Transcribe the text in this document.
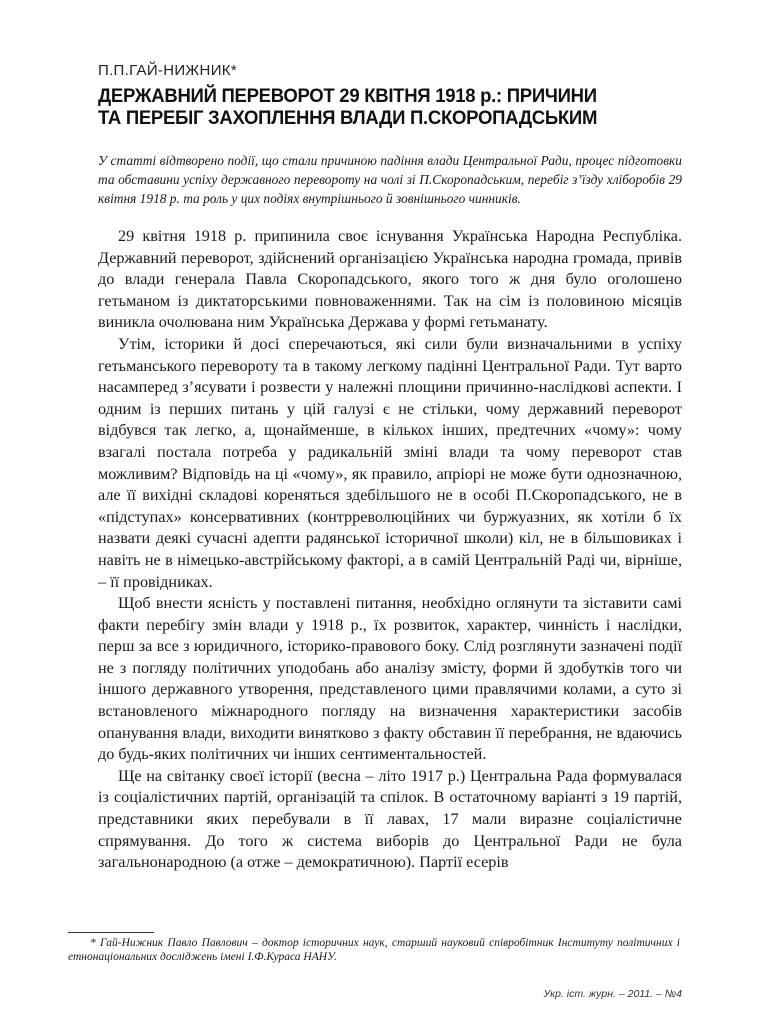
П.П.ГАЙ-НИЖНИК*
ДЕРЖАВНИЙ ПЕРЕВОРОТ 29 КВІТНЯ 1918 р.: ПРИЧИНИ
ТА ПЕРЕБІГ ЗАХОПЛЕННЯ ВЛАДИ П.СКОРОПАДСЬКИМ

У статті відтворено події, що стали причиною падіння влади Центральної Ради, процес підготовки та обставини успіху державного перевороту на чолі зі П.Скоропадським, перебіг з’їзду хліборобів 29 квітня 1918 р. та роль у цих подіях внутрішнього й зовнішнього чинників.

29 квітня 1918 р. припинила своє існування Українська Народна Республіка. Державний переворот, здійснений організацією Українська народна громада, привів до влади генерала Павла Скоропадського, якого того ж дня було оголошено гетьманом із диктаторськими повноваженнями. Так на сім із половиною місяців виникла очолювана ним Українська Держава у формі гетьманату.

Утім, історики й досі сперечаються, які сили були визначальними в успіху гетьманського перевороту та в такому легкому падінні Центральної Ради. Тут варто насамперед з’ясувати і розвести у належні площини причинно-наслідкові аспекти. І одним із перших питань у цій галузі є не стільки, чому державний переворот відбувся так легко, а, щонайменше, в кількох інших, предтечних «чому»: чому взагалі постала потреба у радикальній зміні влади та чому переворот став можливим? Відповідь на ці «чому», як правило, апріорі не може бути однозначною, але її вихідні складові кореняться здебільшого не в особі П.Скоропадського, не в «підступах» консервативних (контрреволюційних чи буржуазних, як хотіли б їх назвати деякі сучасні адепти радянської історичної школи) кіл, не в більшовиках і навіть не в німецько-австрійському факторі, а в самій Центральній Раді чи, вірніше, – її провідниках.

Щоб внести ясність у поставлені питання, необхідно оглянути та зіставити самі факти перебігу змін влади у 1918 р., їх розвиток, характер, чинність і наслідки, перш за все з юридичного, історико-правового боку. Слід розглянути зазначені події не з погляду політичних уподобань або аналізу змісту, форми й здобутків того чи іншого державного утворення, представленого цими правлячими колами, а суто зі встановленого міжнародного погляду на визначення характеристики засобів опанування влади, виходити винятково з факту обставин її перебрання, не вдаючись до будь-яких політичних чи інших сентиментальностей.

Ще на світанку своєї історії (весна – літо 1917 р.) Центральна Рада формувалася із соціалістичних партій, організацій та спілок. В остаточному варіанті з 19 партій, представники яких перебували в її лавах, 17 мали виразне соціалістичне спрямування. До того ж система виборів до Центральної Ради не була загальнонародною (а отже – демократичною). Партії есерів

* Гай-Нижник Павло Павлович – доктор історичних наук, старший науковий співробітник Інституту політичних і етнонаціональних досліджень імені І.Ф.Кураса НАНУ.
Укр. іст. журн. – 2011. – №4
